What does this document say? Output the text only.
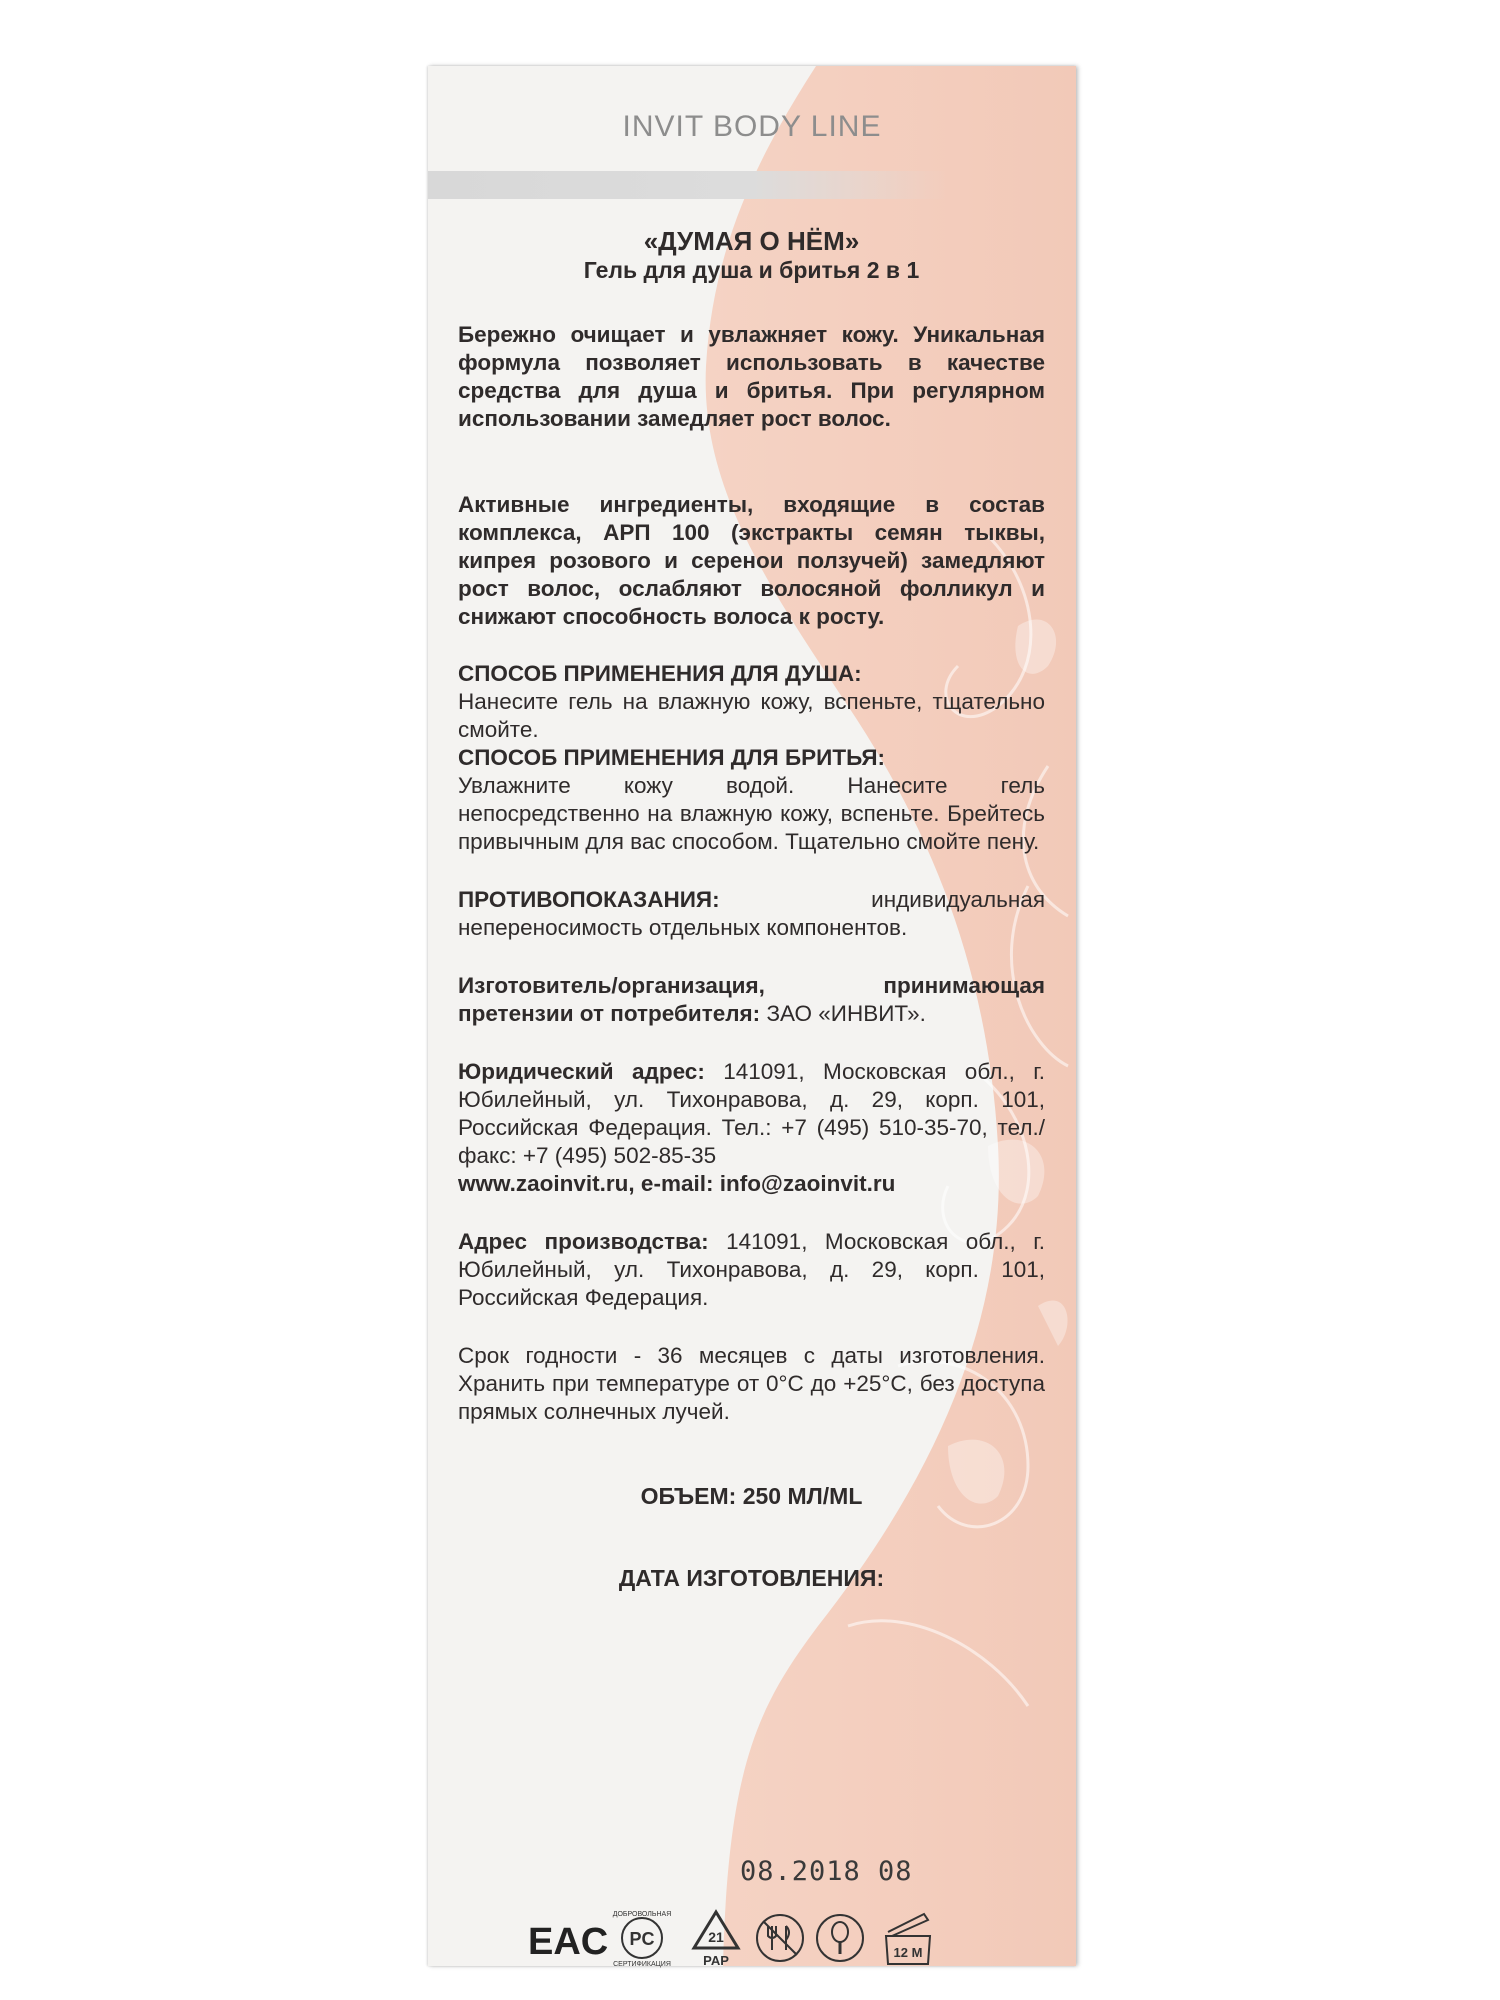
INVIT BODY LINE
«ДУМАЯ О НЁМ»
Гель для душа и бритья 2 в 1

Бережно очищает и увлажняет кожу. Уникальная формула позволяет использовать в качестве средства для душа и бритья. При регулярном использовании замедляет рост волос.

Активные ингредиенты, входящие в состав комплекса, АРП 100 (экстракты семян тыквы, кипрея розового и серенои ползучей) замедляют рост волос, ослабляют волосяной фолликул и снижают способность волоса к росту.

СПОСОБ ПРИМЕНЕНИЯ ДЛЯ ДУША:

Нанесите гель на влажную кожу, вспеньте, тщательно смойте.

СПОСОБ ПРИМЕНЕНИЯ ДЛЯ БРИТЬЯ:

Увлажните кожу водой. Нанесите гель непосредственно на влажную кожу, вспеньте. Брейтесь привычным для вас способом. Тщательно смойте пену.

ПРОТИВОПОКАЗАНИЯ:	индивидуальная непереносимость отдельных компонентов.

Изготовитель/организация, принимающая претензии от потребителя: ЗАО «ИНВИТ».

Юридический адрес: 141091, Московская обл., г. Юбилейный, ул. Тихонравова, д. 29, корп. 101, Российская Федерация. Тел.: +7 (495) 510-35-70, тел./факс: +7 (495) 502-85-35

www.zaoinvit.ru, e-mail: info@zaoinvit.ru

Адрес производства: 141091, Московская обл., г. Юбилейный, ул. Тихонравова, д. 29, корп. 101, Российская Федерация.

Срок годности - 36 месяцев с даты изготовления. Хранить при температуре от 0°C до +25°C, без доступа прямых солнечных лучей.

ОБЪЕМ: 250 МЛ/ML
ДАТА ИЗГОТОВЛЕНИЯ:
08.2018 08
EAC PC
ДОБРОВОЛЬНАЯ
СЕРТИФИКАЦИЯ
21
PAP
12 M
